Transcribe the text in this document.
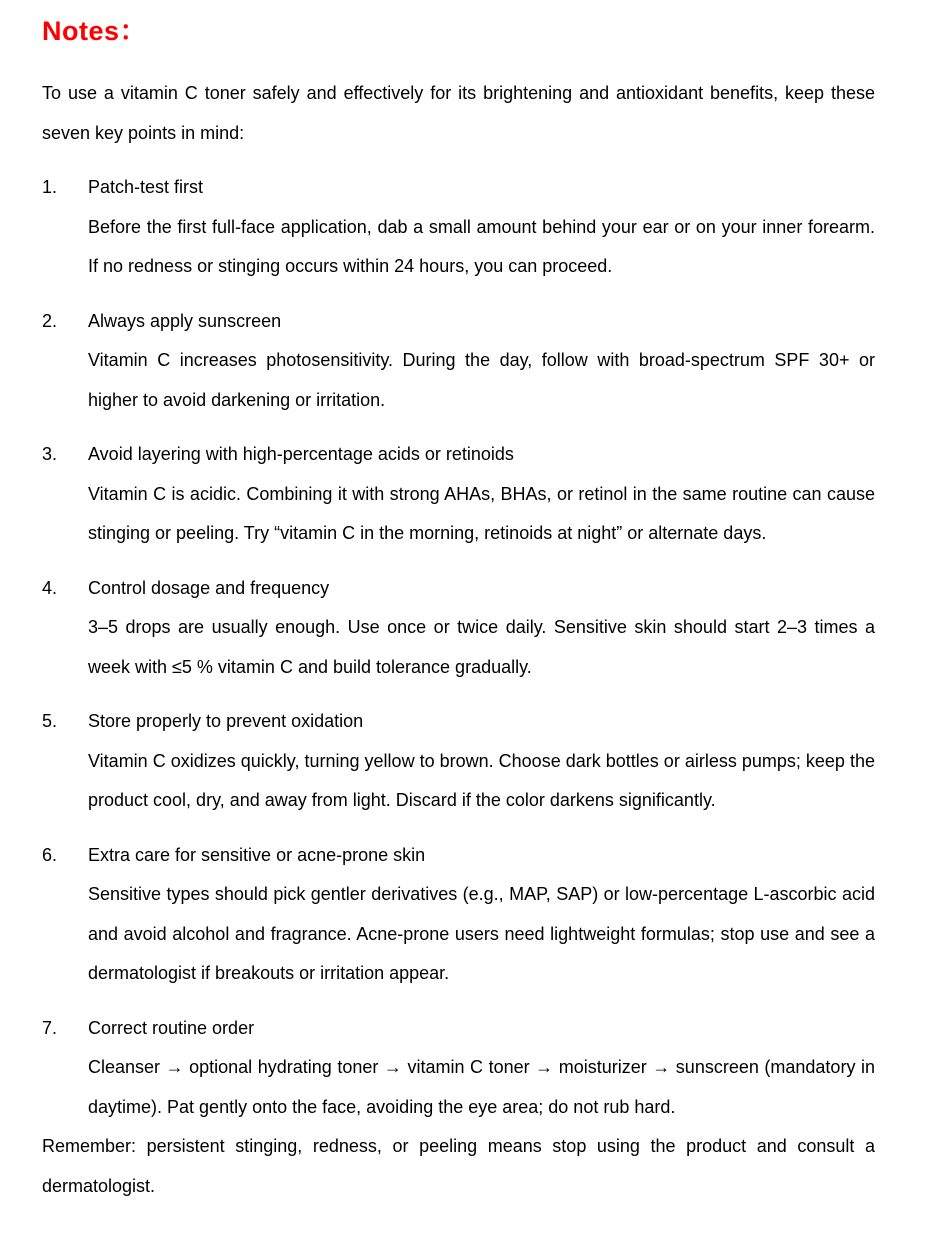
Notes：

To use a vitamin C toner safely and effectively for its brightening and antioxidant benefits, keep these seven key points in mind:

1.	Patch-test first

Before the first full-face application, dab a small amount behind your ear or on your inner forearm. If no redness or stinging occurs within 24 hours, you can proceed.

2.	Always apply sunscreen

Vitamin C increases photosensitivity. During the day, follow with broad-spectrum SPF 30+ or higher to avoid darkening or irritation.

3.	Avoid layering with high-percentage acids or retinoids

Vitamin C is acidic. Combining it with strong AHAs, BHAs, or retinol in the same routine can cause stinging or peeling. Try “vitamin C in the morning, retinoids at night” or alternate days.

4.	Control dosage and frequency

3–5 drops are usually enough. Use once or twice daily. Sensitive skin should start 2–3 times a week with ≤5 % vitamin C and build tolerance gradually.

5.	Store properly to prevent oxidation

Vitamin C oxidizes quickly, turning yellow to brown. Choose dark bottles or airless pumps; keep the product cool, dry, and away from light. Discard if the color darkens significantly.

6.	Extra care for sensitive or acne-prone skin

Sensitive types should pick gentler derivatives (e.g., MAP, SAP) or low-percentage L-ascorbic acid and avoid alcohol and fragrance. Acne-prone users need lightweight formulas; stop use and see a dermatologist if breakouts or irritation appear.

7.	Correct routine order

Cleanser → optional hydrating toner → vitamin C toner → moisturizer → sunscreen (mandatory in daytime). Pat gently onto the face, avoiding the eye area; do not rub hard.

Remember: persistent stinging, redness, or peeling means stop using the product and consult a dermatologist.
